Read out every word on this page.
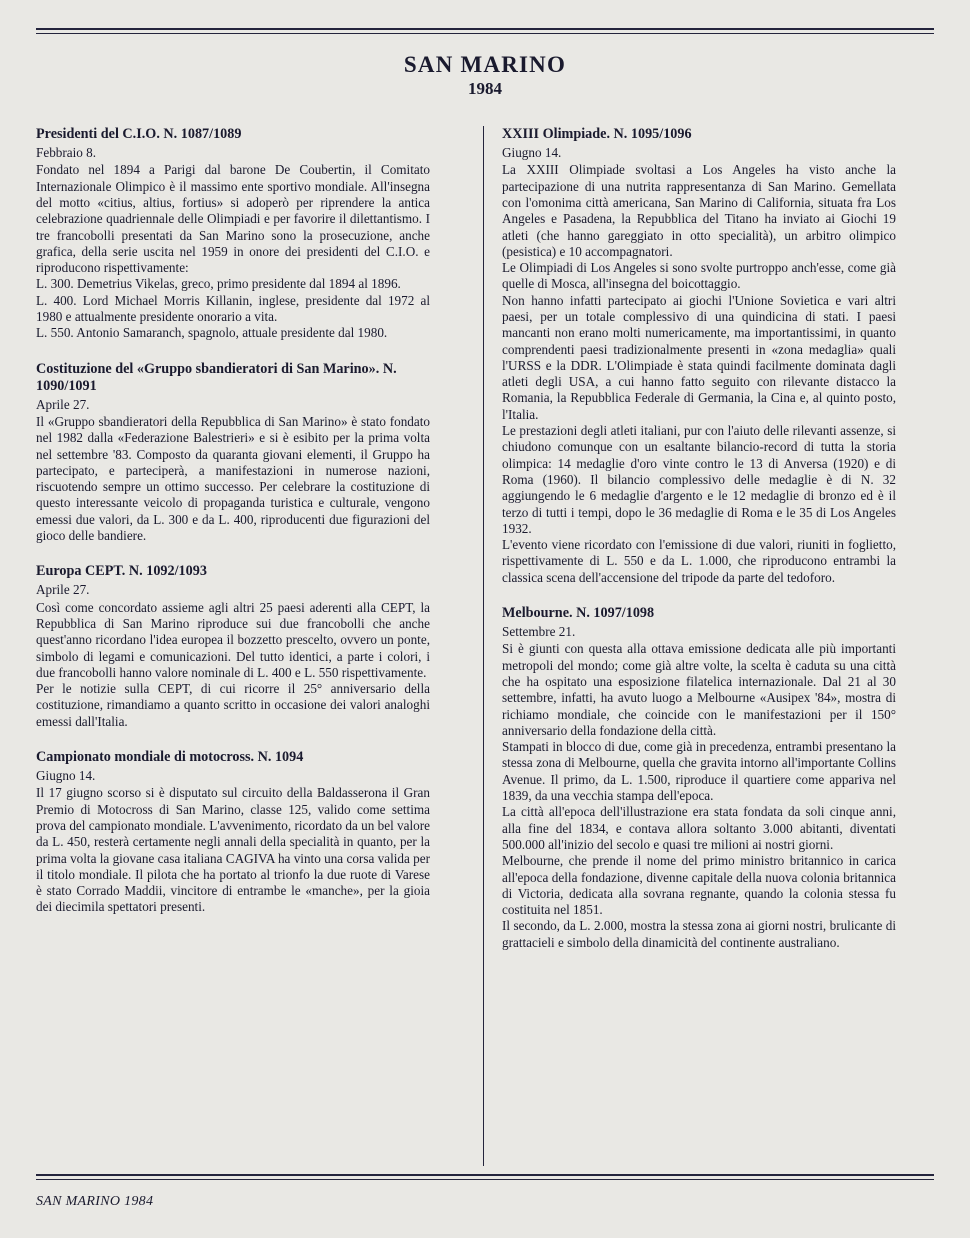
SAN MARINO
1984
Presidenti del C.I.O. N. 1087/1089
Febbraio 8.

Fondato nel 1894 a Parigi dal barone De Coubertin, il Comitato Internazionale Olimpico è il massimo ente sportivo mondiale. All'insegna del motto «citius, altius, fortius» si adoperò per riprendere la antica celebrazione quadriennale delle Olimpiadi e per favorire il dilettantismo. I tre francobolli presentati da San Marino sono la prosecuzione, anche grafica, della serie uscita nel 1959 in onore dei presidenti del C.I.O. e riproducono rispettivamente:

L. 300. Demetrius Vikelas, greco, primo presidente dal 1894 al 1896.

L. 400. Lord Michael Morris Killanin, inglese, presidente dal 1972 al 1980 e attualmente presidente onorario a vita.

L. 550. Antonio Samaranch, spagnolo, attuale presidente dal 1980.

Costituzione del «Gruppo sbandieratori di San Marino». N. 1090/1091
Aprile 27.

Il «Gruppo sbandieratori della Repubblica di San Marino» è stato fondato nel 1982 dalla «Federazione Balestrieri» e si è esibito per la prima volta nel settembre '83. Composto da quaranta giovani elementi, il Gruppo ha partecipato, e parteciperà, a manifestazioni in numerose nazioni, riscuotendo sempre un ottimo successo. Per celebrare la costituzione di questo interessante veicolo di propaganda turistica e culturale, vengono emessi due valori, da L. 300 e da L. 400, riproducenti due figurazioni del gioco delle bandiere.

Europa CEPT. N. 1092/1093
Aprile 27.

Così come concordato assieme agli altri 25 paesi aderenti alla CEPT, la Repubblica di San Marino riproduce sui due francobolli che anche quest'anno ricordano l'idea europea il bozzetto prescelto, ovvero un ponte, simbolo di legami e comunicazioni. Del tutto identici, a parte i colori, i due francobolli hanno valore nominale di L. 400 e L. 550 rispettivamente.

Per le notizie sulla CEPT, di cui ricorre il 25° anniversario della costituzione, rimandiamo a quanto scritto in occasione dei valori analoghi emessi dall'Italia.

Campionato mondiale di motocross. N. 1094
Giugno 14.

Il 17 giugno scorso si è disputato sul circuito della Baldasserona il Gran Premio di Motocross di San Marino, classe 125, valido come settima prova del campionato mondiale. L'avvenimento, ricordato da un bel valore da L. 450, resterà certamente negli annali della specialità in quanto, per la prima volta la giovane casa italiana CAGIVA ha vinto una corsa valida per il titolo mondiale. Il pilota che ha portato al trionfo la due ruote di Varese è stato Corrado Maddii, vincitore di entrambe le «manche», per la gioia dei diecimila spettatori presenti.

XXIII Olimpiade. N. 1095/1096
Giugno 14.

La XXIII Olimpiade svoltasi a Los Angeles ha visto anche la partecipazione di una nutrita rappresentanza di San Marino. Gemellata con l'omonima città americana, San Marino di California, situata fra Los Angeles e Pasadena, la Repubblica del Titano ha inviato ai Giochi 19 atleti (che hanno gareggiato in otto specialità), un arbitro olimpico (pesistica) e 10 accompagnatori.

Le Olimpiadi di Los Angeles si sono svolte purtroppo anch'esse, come già quelle di Mosca, all'insegna del boicottaggio.

Non hanno infatti partecipato ai giochi l'Unione Sovietica e vari altri paesi, per un totale complessivo di una quindicina di stati. I paesi mancanti non erano molti numericamente, ma importantissimi, in quanto comprendenti paesi tradizionalmente presenti in «zona medaglia» quali l'URSS e la DDR. L'Olimpiade è stata quindi facilmente dominata dagli atleti degli USA, a cui hanno fatto seguito con rilevante distacco la Romania, la Repubblica Federale di Germania, la Cina e, al quinto posto, l'Italia.

Le prestazioni degli atleti italiani, pur con l'aiuto delle rilevanti assenze, si chiudono comunque con un esaltante bilancio-record di tutta la storia olimpica: 14 medaglie d'oro vinte contro le 13 di Anversa (1920) e di Roma (1960). Il bilancio complessivo delle medaglie è di N. 32 aggiungendo le 6 medaglie d'argento e le 12 medaglie di bronzo ed è il terzo di tutti i tempi, dopo le 36 medaglie di Roma e le 35 di Los Angeles 1932.

L'evento viene ricordato con l'emissione di due valori, riuniti in foglietto, rispettivamente di L. 550 e da L. 1.000, che riproducono entrambi la classica scena dell'accensione del tripode da parte del tedoforo.

Melbourne. N. 1097/1098
Settembre 21.

Si è giunti con questa alla ottava emissione dedicata alle più importanti metropoli del mondo; come già altre volte, la scelta è caduta su una città che ha ospitato una esposizione filatelica internazionale. Dal 21 al 30 settembre, infatti, ha avuto luogo a Melbourne «Ausipex '84», mostra di richiamo mondiale, che coincide con le manifestazioni per il 150° anniversario della fondazione della città.

Stampati in blocco di due, come già in precedenza, entrambi presentano la stessa zona di Melbourne, quella che gravita intorno all'importante Collins Avenue. Il primo, da L. 1.500, riproduce il quartiere come appariva nel 1839, da una vecchia stampa dell'epoca.

La città all'epoca dell'illustrazione era stata fondata da soli cinque anni, alla fine del 1834, e contava allora soltanto 3.000 abitanti, diventati 500.000 all'inizio del secolo e quasi tre milioni ai nostri giorni.

Melbourne, che prende il nome del primo ministro britannico in carica all'epoca della fondazione, divenne capitale della nuova colonia britannica di Victoria, dedicata alla sovrana regnante, quando la colonia stessa fu costituita nel 1851.

Il secondo, da L. 2.000, mostra la stessa zona ai giorni nostri, brulicante di grattacieli e simbolo della dinamicità del continente australiano.

SAN MARINO 1984
